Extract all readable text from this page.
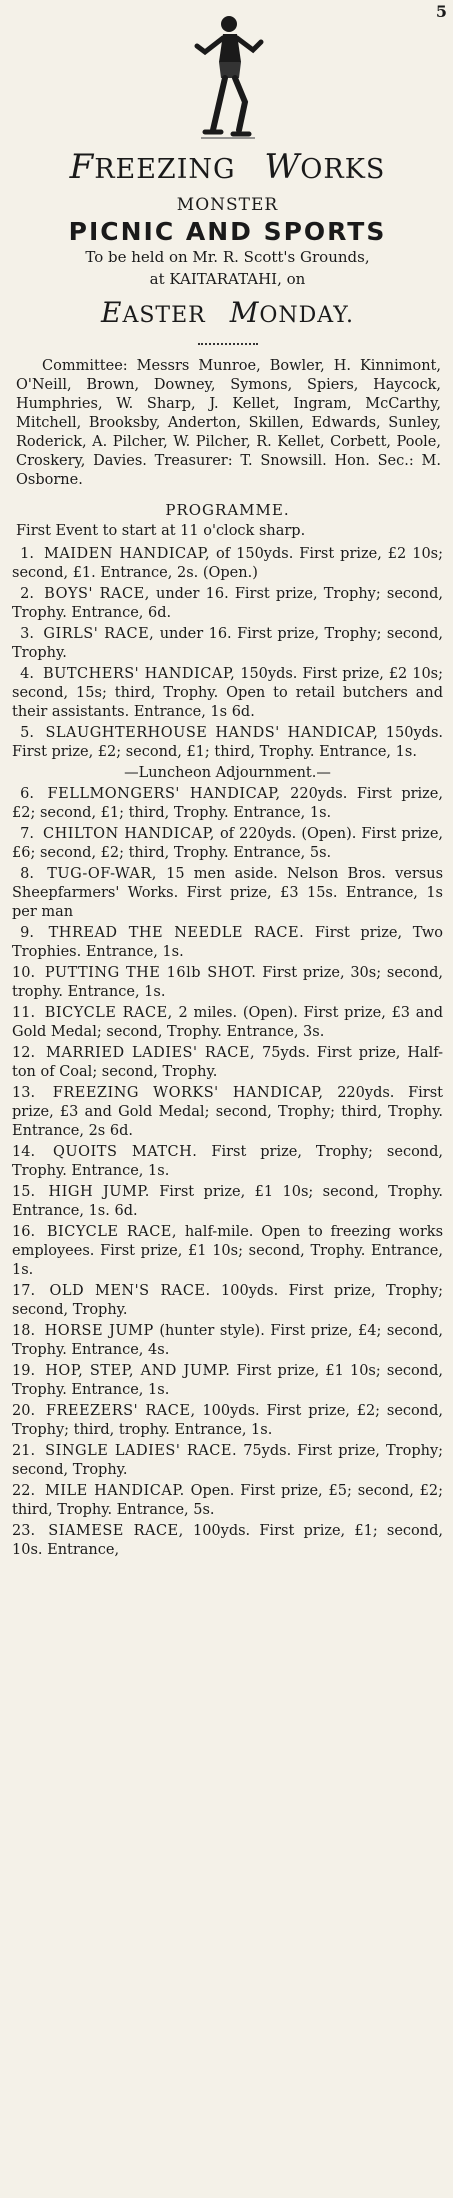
5
FREEZING WORKS
MONSTER
PICNIC AND SPORTS

To be held on Mr. R. Scott's Grounds,

at KAITARATAHI, on

EASTER MONDAY.

Committee: Messrs Munroe, Bowler, H. Kinnimont, O'Neill, Brown, Downey, Symons, Spiers, Haycock, Humphries, W. Sharp, J. Kellet, Ingram, McCarthy, Mitchell, Brooksby, Anderton, Skillen, Edwards, Sunley, Roderick, A. Pilcher, W. Pilcher, R. Kellet, Corbett, Poole, Croskery, Davies. Treasurer: T. Snowsill. Hon. Sec.: M. Osborne.

PROGRAMME.

First Event to start at 11 o'clock sharp.

1. MAIDEN HANDICAP, of 150yds. First prize, £2 10s; second, £1. Entrance, 2s. (Open.)
2. BOYS' RACE, under 16. First prize, Trophy; second, Trophy. Entrance, 6d.
3. GIRLS' RACE, under 16. First prize, Trophy; second, Trophy.
4. BUTCHERS' HANDICAP, 150yds. First prize, £2 10s; second, 15s; third, Trophy. Open to retail butchers and their assistants. Entrance, 1s 6d.
5. SLAUGHTERHOUSE HANDS' HANDICAP, 150yds. First prize, £2; second, £1; third, Trophy. Entrance, 1s.

—Luncheon Adjournment.—

6. FELLMONGERS' HANDICAP, 220yds. First prize, £2; second, £1; third, Trophy. Entrance, 1s.
7. CHILTON HANDICAP, of 220yds. (Open). First prize, £6; second, £2; third, Trophy. Entrance, 5s.
8. TUG-OF-WAR, 15 men aside. Nelson Bros. versus Sheepfarmers' Works. First prize, £3 15s. Entrance, 1s per man
9. THREAD THE NEEDLE RACE. First prize, Two Trophies. Entrance, 1s.
10. PUTTING THE 16lb SHOT. First prize, 30s; second, trophy. Entrance, 1s.
11. BICYCLE RACE, 2 miles. (Open). First prize, £3 and Gold Medal; second, Trophy. Entrance, 3s.
12. MARRIED LADIES' RACE, 75yds. First prize, Half-ton of Coal; second, Trophy.
13. FREEZING WORKS' HANDICAP, 220yds. First prize, £3 and Gold Medal; second, Trophy; third, Trophy. Entrance, 2s 6d.
14. QUOITS MATCH. First prize, Trophy; second, Trophy. Entrance, 1s.
15. HIGH JUMP. First prize, £1 10s; second, Trophy. Entrance, 1s. 6d.
16. BICYCLE RACE, half-mile. Open to freezing works employees. First prize, £1 10s; second, Trophy. Entrance, 1s.
17. OLD MEN'S RACE. 100yds. First prize, Trophy; second, Trophy.
18. HORSE JUMP (hunter style). First prize, £4; second, Trophy. Entrance, 4s.
19. HOP, STEP, AND JUMP. First prize, £1 10s; second, Trophy. Entrance, 1s.
20. FREEZERS' RACE, 100yds. First prize, £2; second, Trophy; third, trophy. Entrance, 1s.
21. SINGLE LADIES' RACE. 75yds. First prize, Trophy; second, Trophy.
22. MILE HANDICAP. Open. First prize, £5; second, £2; third, Trophy. Entrance, 5s.
23. SIAMESE RACE, 100yds. First prize, £1; second, 10s. Entrance,
